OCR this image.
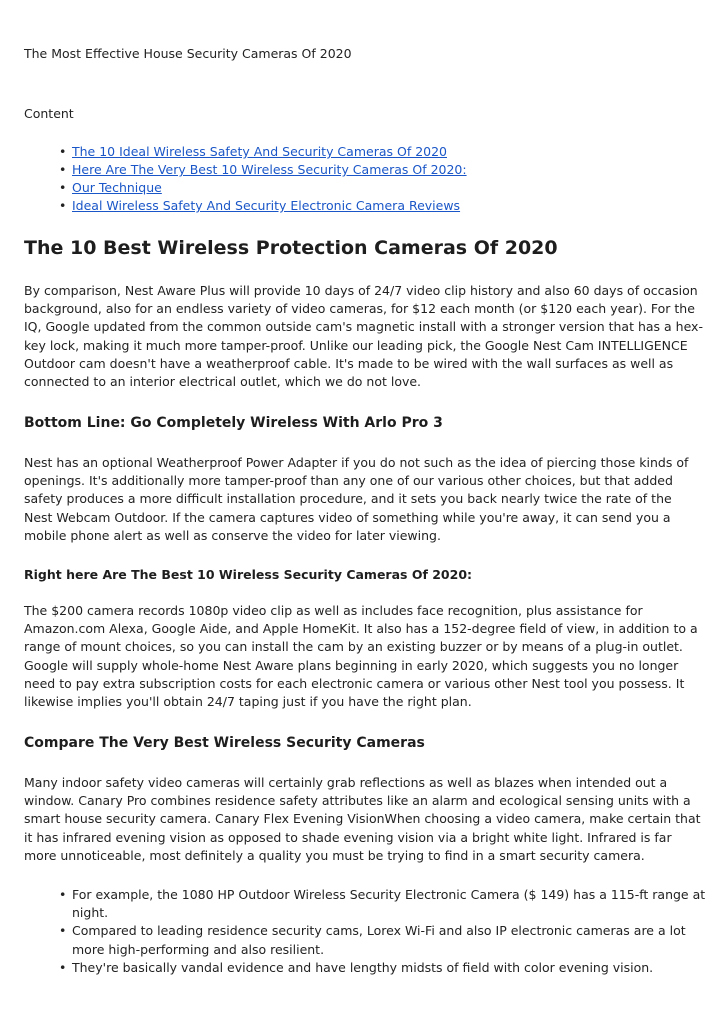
The Most Effective House Security Cameras Of 2020
Content
• The 10 Ideal Wireless Safety And Security Cameras Of 2020
• Here Are The Very Best 10 Wireless Security Cameras Of 2020:
• Our Technique
• Ideal Wireless Safety And Security Electronic Camera Reviews
The 10 Best Wireless Protection Cameras Of 2020

By comparison, Nest Aware Plus will provide 10 days of 24/7 video clip history and also 60 days of occasion background, also for an endless variety of video cameras, for $12 each month (or $120 each year). For the IQ, Google updated from the common outside cam's magnetic install with a stronger version that has a hex-key lock, making it much more tamper-proof. Unlike our leading pick, the Google Nest Cam INTELLIGENCE Outdoor cam doesn't have a weatherproof cable. It's made to be wired with the wall surfaces as well as connected to an interior electrical outlet, which we do not love.

Bottom Line: Go Completely Wireless With Arlo Pro 3

Nest has an optional Weatherproof Power Adapter if you do not such as the idea of piercing those kinds of openings. It's additionally more tamper-proof than any one of our various other choices, but that added safety produces a more difficult installation procedure, and it sets you back nearly twice the rate of the Nest Webcam Outdoor. If the camera captures video of something while you're away, it can send you a mobile phone alert as well as conserve the video for later viewing.

Right here Are The Best 10 Wireless Security Cameras Of 2020:

The $200 camera records 1080p video clip as well as includes face recognition, plus assistance for Amazon.com Alexa, Google Aide, and Apple HomeKit. It also has a 152-degree field of view, in addition to a range of mount choices, so you can install the cam by an existing buzzer or by means of a plug-in outlet. Google will supply whole-home Nest Aware plans beginning in early 2020, which suggests you no longer need to pay extra subscription costs for each electronic camera or various other Nest tool you possess. It likewise implies you'll obtain 24/7 taping just if you have the right plan.

Compare The Very Best Wireless Security Cameras

Many indoor safety video cameras will certainly grab reflections as well as blazes when intended out a window. Canary Pro combines residence safety attributes like an alarm and ecological sensing units with a smart house security camera. Canary Flex Evening VisionWhen choosing a video camera, make certain that it has infrared evening vision as opposed to shade evening vision via a bright white light. Infrared is far more unnoticeable, most definitely a quality you must be trying to find in a smart security camera.

• For example, the 1080 HP Outdoor Wireless Security Electronic Camera ($ 149) has a 115-ft range at night.
• Compared to leading residence security cams, Lorex Wi-Fi and also IP electronic cameras are a lot more high-performing and also resilient.
• They're basically vandal evidence and have lengthy midsts of field with color evening vision.
